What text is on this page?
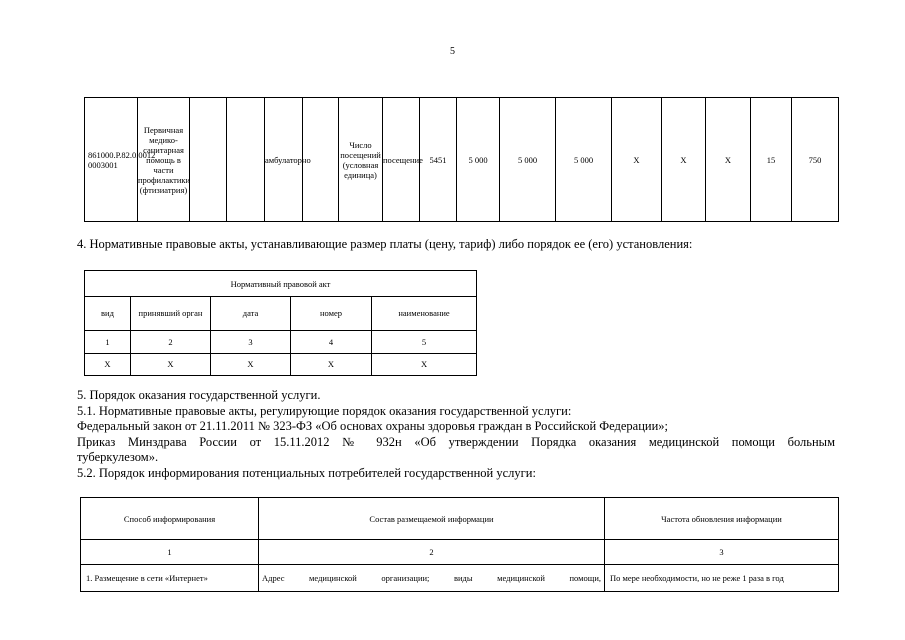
5
861000.Р.82.0.0012 0003001	Первичная медико-санитарная помощь в части профилактики (фтизиатрия)			амбулаторно		Число посещений (условная единица)	посещение	5451	5 000	5 000	5 000	Х	Х	Х	15	750
4. Нормативные правовые акты, устанавливающие размер платы (цену, тариф) либо порядок ее (его) установления:
Нормативный правовой акт				
вид	принявший орган	дата	номер	наименование
1	2	3	4	5
Х	Х	Х	Х	Х

5. Порядок оказания государственной услуги.

5.1. Нормативные правовые акты, регулирующие порядок оказания государственной услуги:

Федеральный закон от 21.11.2011 № 323-ФЗ «Об основах охраны здоровья граждан в Российской Федерации»;

Приказ Минздрава России от 15.11.2012 № 932н «Об утверждении Порядка оказания медицинской помощи больным

туберкулезом».

5.2. Порядок информирования потенциальных потребителей государственной услуги:

Способ информирования	Состав размещаемой информации	Частота обновления информации
1	2	3
1. Размещение в сети «Интернет»	Адрес медицинской организации; виды медицинской помощи,	По мере необходимости, но не реже 1 раза в год
